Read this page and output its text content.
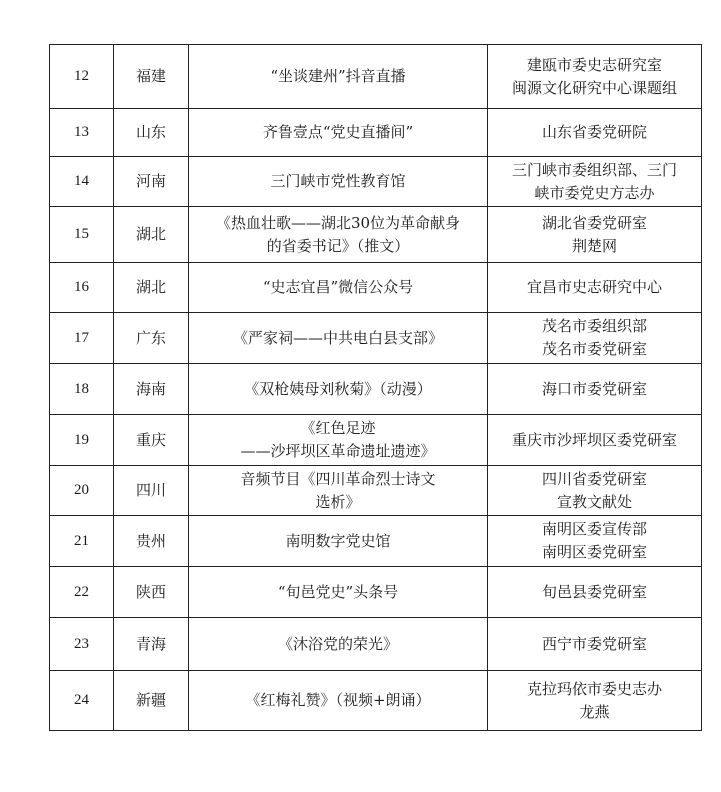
12	福建	“坐谈建州”抖音直播	建瓯市委史志研究室
闽源文化研究中心课题组

13	山东	齐鲁壹点“党史直播间”	山东省委党研院

14	河南	三门峡市党性教育馆	三门峡市委组织部、三门
峡市委党史方志办

15	湖北	《热血壮歌——湖北30位为革命献身
的省委书记》（推文）	湖北省委党研室
荆楚网

16	湖北	“史志宜昌”微信公众号	宜昌市史志研究中心

17	广东	《严家祠——中共电白县支部》	茂名市委组织部
茂名市委党研室

18	海南	《双枪姨母刘秋菊》（动漫）	海口市委党研室

19	重庆	《红色足迹
——沙坪坝区革命遗址遗迹》	重庆市沙坪坝区委党研室

20	四川	音频节目《四川革命烈士诗文
选析》	四川省委党研室
宣教文献处

21	贵州	南明数字党史馆	南明区委宣传部
南明区委党研室

22	陕西	“旬邑党史”头条号	旬邑县委党研室

23	青海	《沐浴党的荣光》	西宁市委党研室

24	新疆	《红梅礼赞》（视频+朗诵）	克拉玛依市委史志办
龙燕
